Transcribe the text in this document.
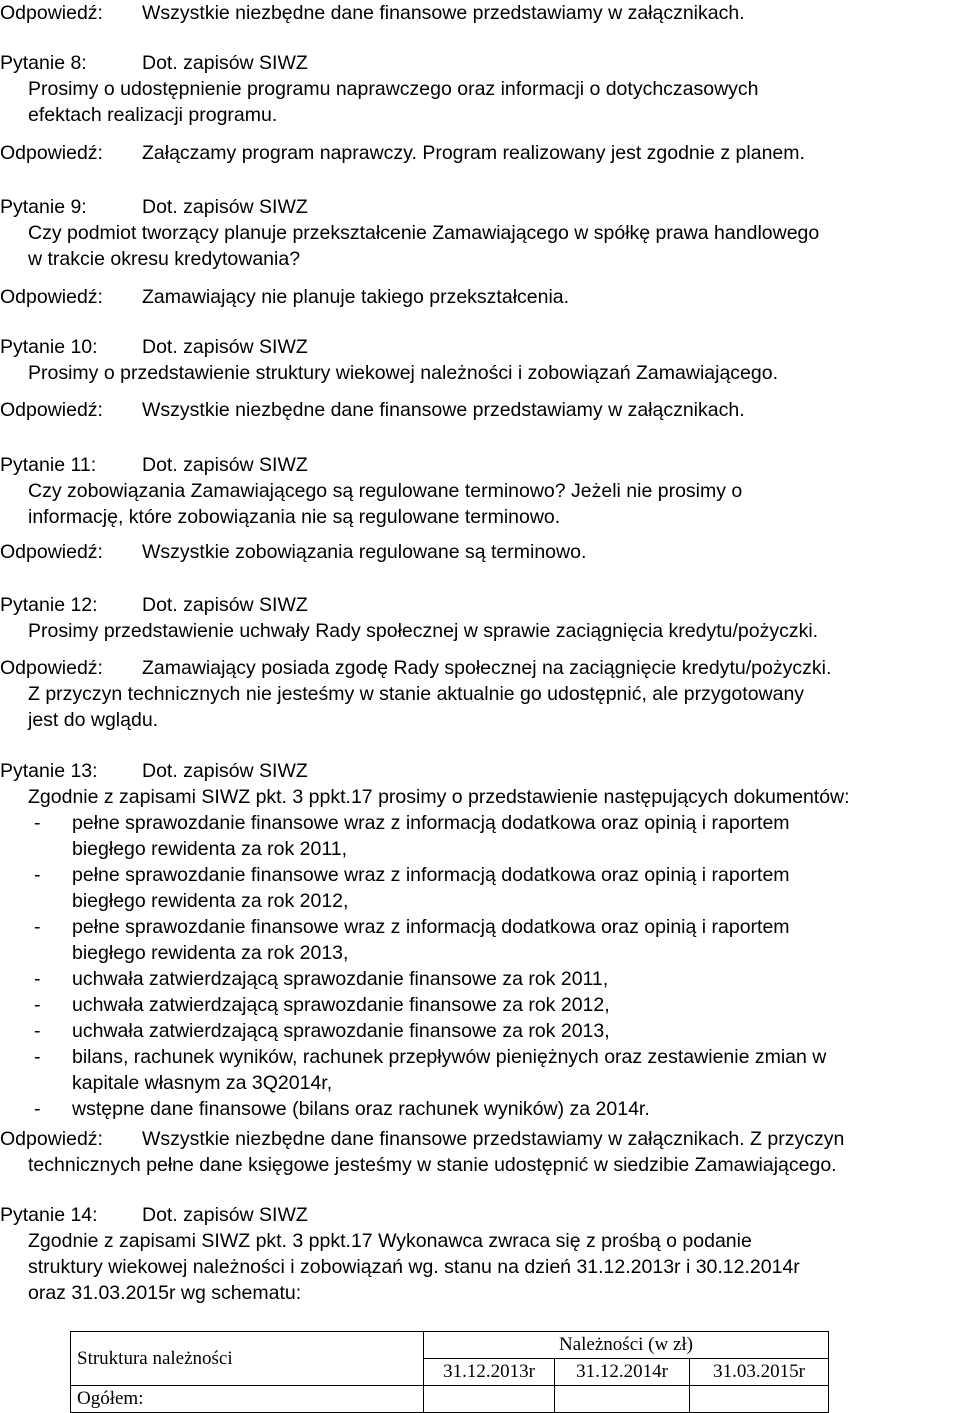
Odpowiedź: Wszystkie niezbędne dane finansowe przedstawiamy w załącznikach.
Pytanie 8:	Dot. zapisów SIWZ
Prosimy o udostępnienie programu naprawczego oraz informacji o dotychczasowych
efektach realizacji programu.
Odpowiedź: Załączamy program naprawczy. Program realizowany jest zgodnie z planem.
Pytanie 9:	Dot. zapisów SIWZ
Czy podmiot tworzący planuje przekształcenie Zamawiającego w spółkę prawa handlowego
w trakcie okresu kredytowania?
Odpowiedź: Zamawiający nie planuje takiego przekształcenia.
Pytanie 10: Dot. zapisów SIWZ
Prosimy o przedstawienie struktury wiekowej należności i zobowiązań Zamawiającego.
Odpowiedź: Wszystkie niezbędne dane finansowe przedstawiamy w załącznikach.
Pytanie 11: Dot. zapisów SIWZ
Czy zobowiązania Zamawiającego są regulowane terminowo? Jeżeli nie prosimy o
informację, które zobowiązania nie są regulowane terminowo.
Odpowiedź: Wszystkie zobowiązania regulowane są terminowo.
Pytanie 12: Dot. zapisów SIWZ
Prosimy przedstawienie uchwały Rady społecznej w sprawie zaciągnięcia kredytu/pożyczki.
Odpowiedź: Zamawiający posiada zgodę Rady społecznej na zaciągnięcie kredytu/pożyczki.
Z przyczyn technicznych nie jesteśmy w stanie aktualnie go udostępnić, ale przygotowany
jest do wglądu.
Pytanie 13: Dot. zapisów SIWZ
Zgodnie z zapisami SIWZ pkt. 3 ppkt.17 prosimy o przedstawienie następujących dokumentów:
- pełne sprawozdanie finansowe wraz z informacją dodatkowa oraz opinią i raportem
biegłego rewidenta za rok 2011,
- pełne sprawozdanie finansowe wraz z informacją dodatkowa oraz opinią i raportem
biegłego rewidenta za rok 2012,
- pełne sprawozdanie finansowe wraz z informacją dodatkowa oraz opinią i raportem
biegłego rewidenta za rok 2013,
- uchwała zatwierdzającą sprawozdanie finansowe za rok 2011,
- uchwała zatwierdzającą sprawozdanie finansowe za rok 2012,
- uchwała zatwierdzającą sprawozdanie finansowe za rok 2013,
- bilans, rachunek wyników, rachunek przepływów pieniężnych oraz zestawienie zmian w
kapitale własnym za 3Q2014r,
- wstępne dane finansowe (bilans oraz rachunek wyników) za 2014r.
Odpowiedź: Wszystkie niezbędne dane finansowe przedstawiamy w załącznikach. Z przyczyn
technicznych pełne dane księgowe jesteśmy w stanie udostępnić w siedzibie Zamawiającego.
Pytanie 14: Dot. zapisów SIWZ
Zgodnie z zapisami SIWZ pkt. 3 ppkt.17 Wykonawca zwraca się z prośbą o podanie
struktury wiekowej należności i zobowiązań wg. stanu na dzień 31.12.2013r i 30.12.2014r
oraz 31.03.2015r wg schematu:
Struktura należności	Należności (w zł)		
	31.12.2013r	31.12.2014r	31.03.2015r
Ogółem:			
